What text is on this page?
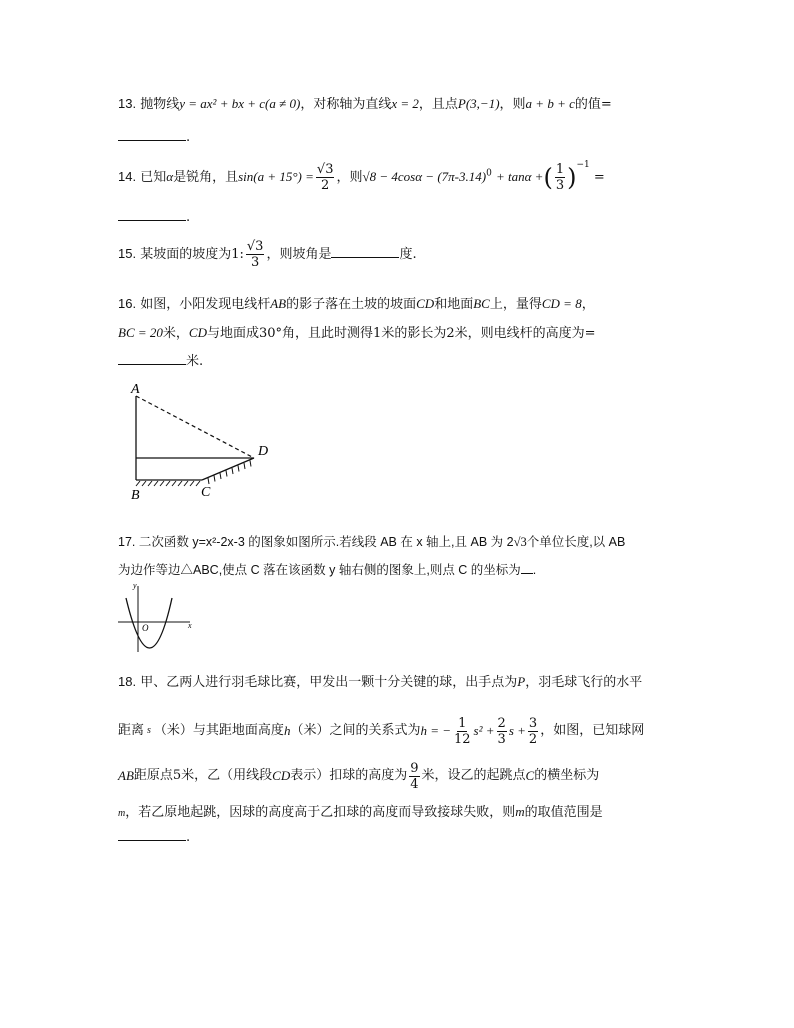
13. 抛物线y = ax² + bx + c(a ≠ 0)，对称轴为直线x = 2，且点P(3,−1)，则a + b + c的值=
.
14. 已知α是锐角，且$\sin(a + 15^\circ) = \frac{√3}{2}$ ，则$√8 - 4\cos\alpha - (7\pi-3.14)^0 + \tan\alpha$ +( $\frac{1}{3} )^{-1}$ =
.
15. 某坡面的坡度为1: $\frac{√3}{3}$ ，则坡角是	度.
16. 如图，小阳发现电线杆AB的影子落在土坡的坡面CD和地面BC上，量得CD = 8，
BC = 20米，CD与地面成30°角，且此时测得1米的影长为2米，则电线杆的高度为=
米.
A
B	C
D
17. 二次函数 y=x²-2x-3 的图象如图所示.若线段 AB 在 x 轴上,且 AB 为 2√3个单位长度,以 AB
为边作等边△ABC,使点 C 落在该函数 y 轴右侧的图象上,则点 C 的坐标为 .
y
x
O
18. 甲、乙两人进行羽毛球比赛，甲发出一颗十分关键的球，出手点为P，羽毛球飞行的水平
距离 s （米）与其距地面高度 h （米）之间的关系式为 h = − $\frac{1}{12} s^2 + \frac{2}{3}$ $s + \frac{3}{2}$ ，如图，已知球网
AB 距原点5米，乙（用线段 CD 表示）扣球的高度为 $\frac{9}{4}$ 米，设乙的起跳点 C 的横坐标为
m，若乙原地起跳，因球的高度高于乙扣球的高度而导致接球失败，则m的取值范围是
.
